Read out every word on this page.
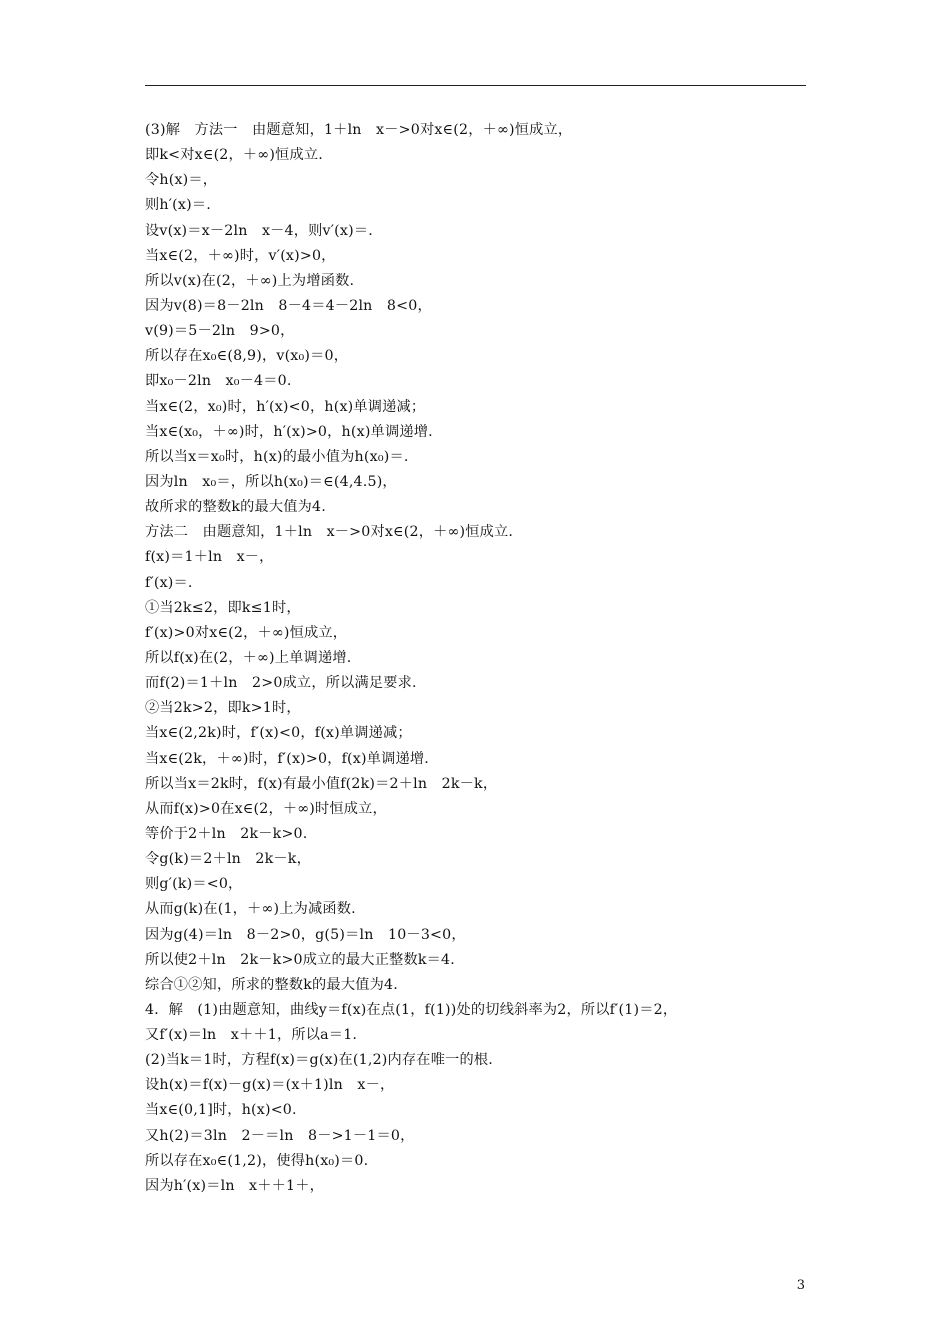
(3)解　方法一　由题意知，1＋ln　x－>0对x∈(2，＋∞)恒成立，
即k<对x∈(2，＋∞)恒成立.
令h(x)＝，
则h′(x)＝.
设v(x)＝x－2ln　x－4，则v′(x)＝.
当x∈(2，＋∞)时，v′(x)>0，
所以v(x)在(2，＋∞)上为增函数.
因为v(8)＝8－2ln　8－4＝4－2ln　8<0，
v(9)＝5－2ln　9>0，
所以存在x₀∈(8,9)，v(x₀)＝0，
即x₀－2ln　x₀－4＝0.
当x∈(2，x₀)时，h′(x)<0，h(x)单调递减；
当x∈(x₀，＋∞)时，h′(x)>0，h(x)单调递增.
所以当x＝x₀时，h(x)的最小值为h(x₀)＝.
因为ln　x₀＝，所以h(x₀)＝∈(4,4.5)，
故所求的整数k的最大值为4.
方法二　由题意知，1＋ln　x－>0对x∈(2，＋∞)恒成立.
f(x)＝1＋ln　x－，
f′(x)＝.
①当2k≤2，即k≤1时，
f′(x)>0对x∈(2，＋∞)恒成立，
所以f(x)在(2，＋∞)上单调递增.
而f(2)＝1＋ln　2>0成立，所以满足要求.
②当2k>2，即k>1时，
当x∈(2,2k)时，f′(x)<0，f(x)单调递减；
当x∈(2k，＋∞)时，f′(x)>0，f(x)单调递增.
所以当x＝2k时，f(x)有最小值f(2k)＝2＋ln　2k－k，
从而f(x)>0在x∈(2，＋∞)时恒成立，
等价于2＋ln　2k－k>0.
令g(k)＝2＋ln　2k－k，
则g′(k)＝<0，
从而g(k)在(1，＋∞)上为减函数.
因为g(4)＝ln　8－2>0，g(5)＝ln　10－3<0，
所以使2＋ln　2k－k>0成立的最大正整数k＝4.
综合①②知，所求的整数k的最大值为4.
4．解　(1)由题意知，曲线y＝f(x)在点(1，f(1))处的切线斜率为2，所以f′(1)＝2，
又f′(x)＝ln　x＋＋1，所以a＝1.
(2)当k＝1时，方程f(x)＝g(x)在(1,2)内存在唯一的根.
设h(x)＝f(x)－g(x)＝(x＋1)ln　x－，
当x∈(0,1]时，h(x)<0.
又h(2)＝3ln　2－＝ln　8－>1－1＝0，
所以存在x₀∈(1,2)，使得h(x₀)＝0.
因为h′(x)＝ln　x＋＋1＋，
3
